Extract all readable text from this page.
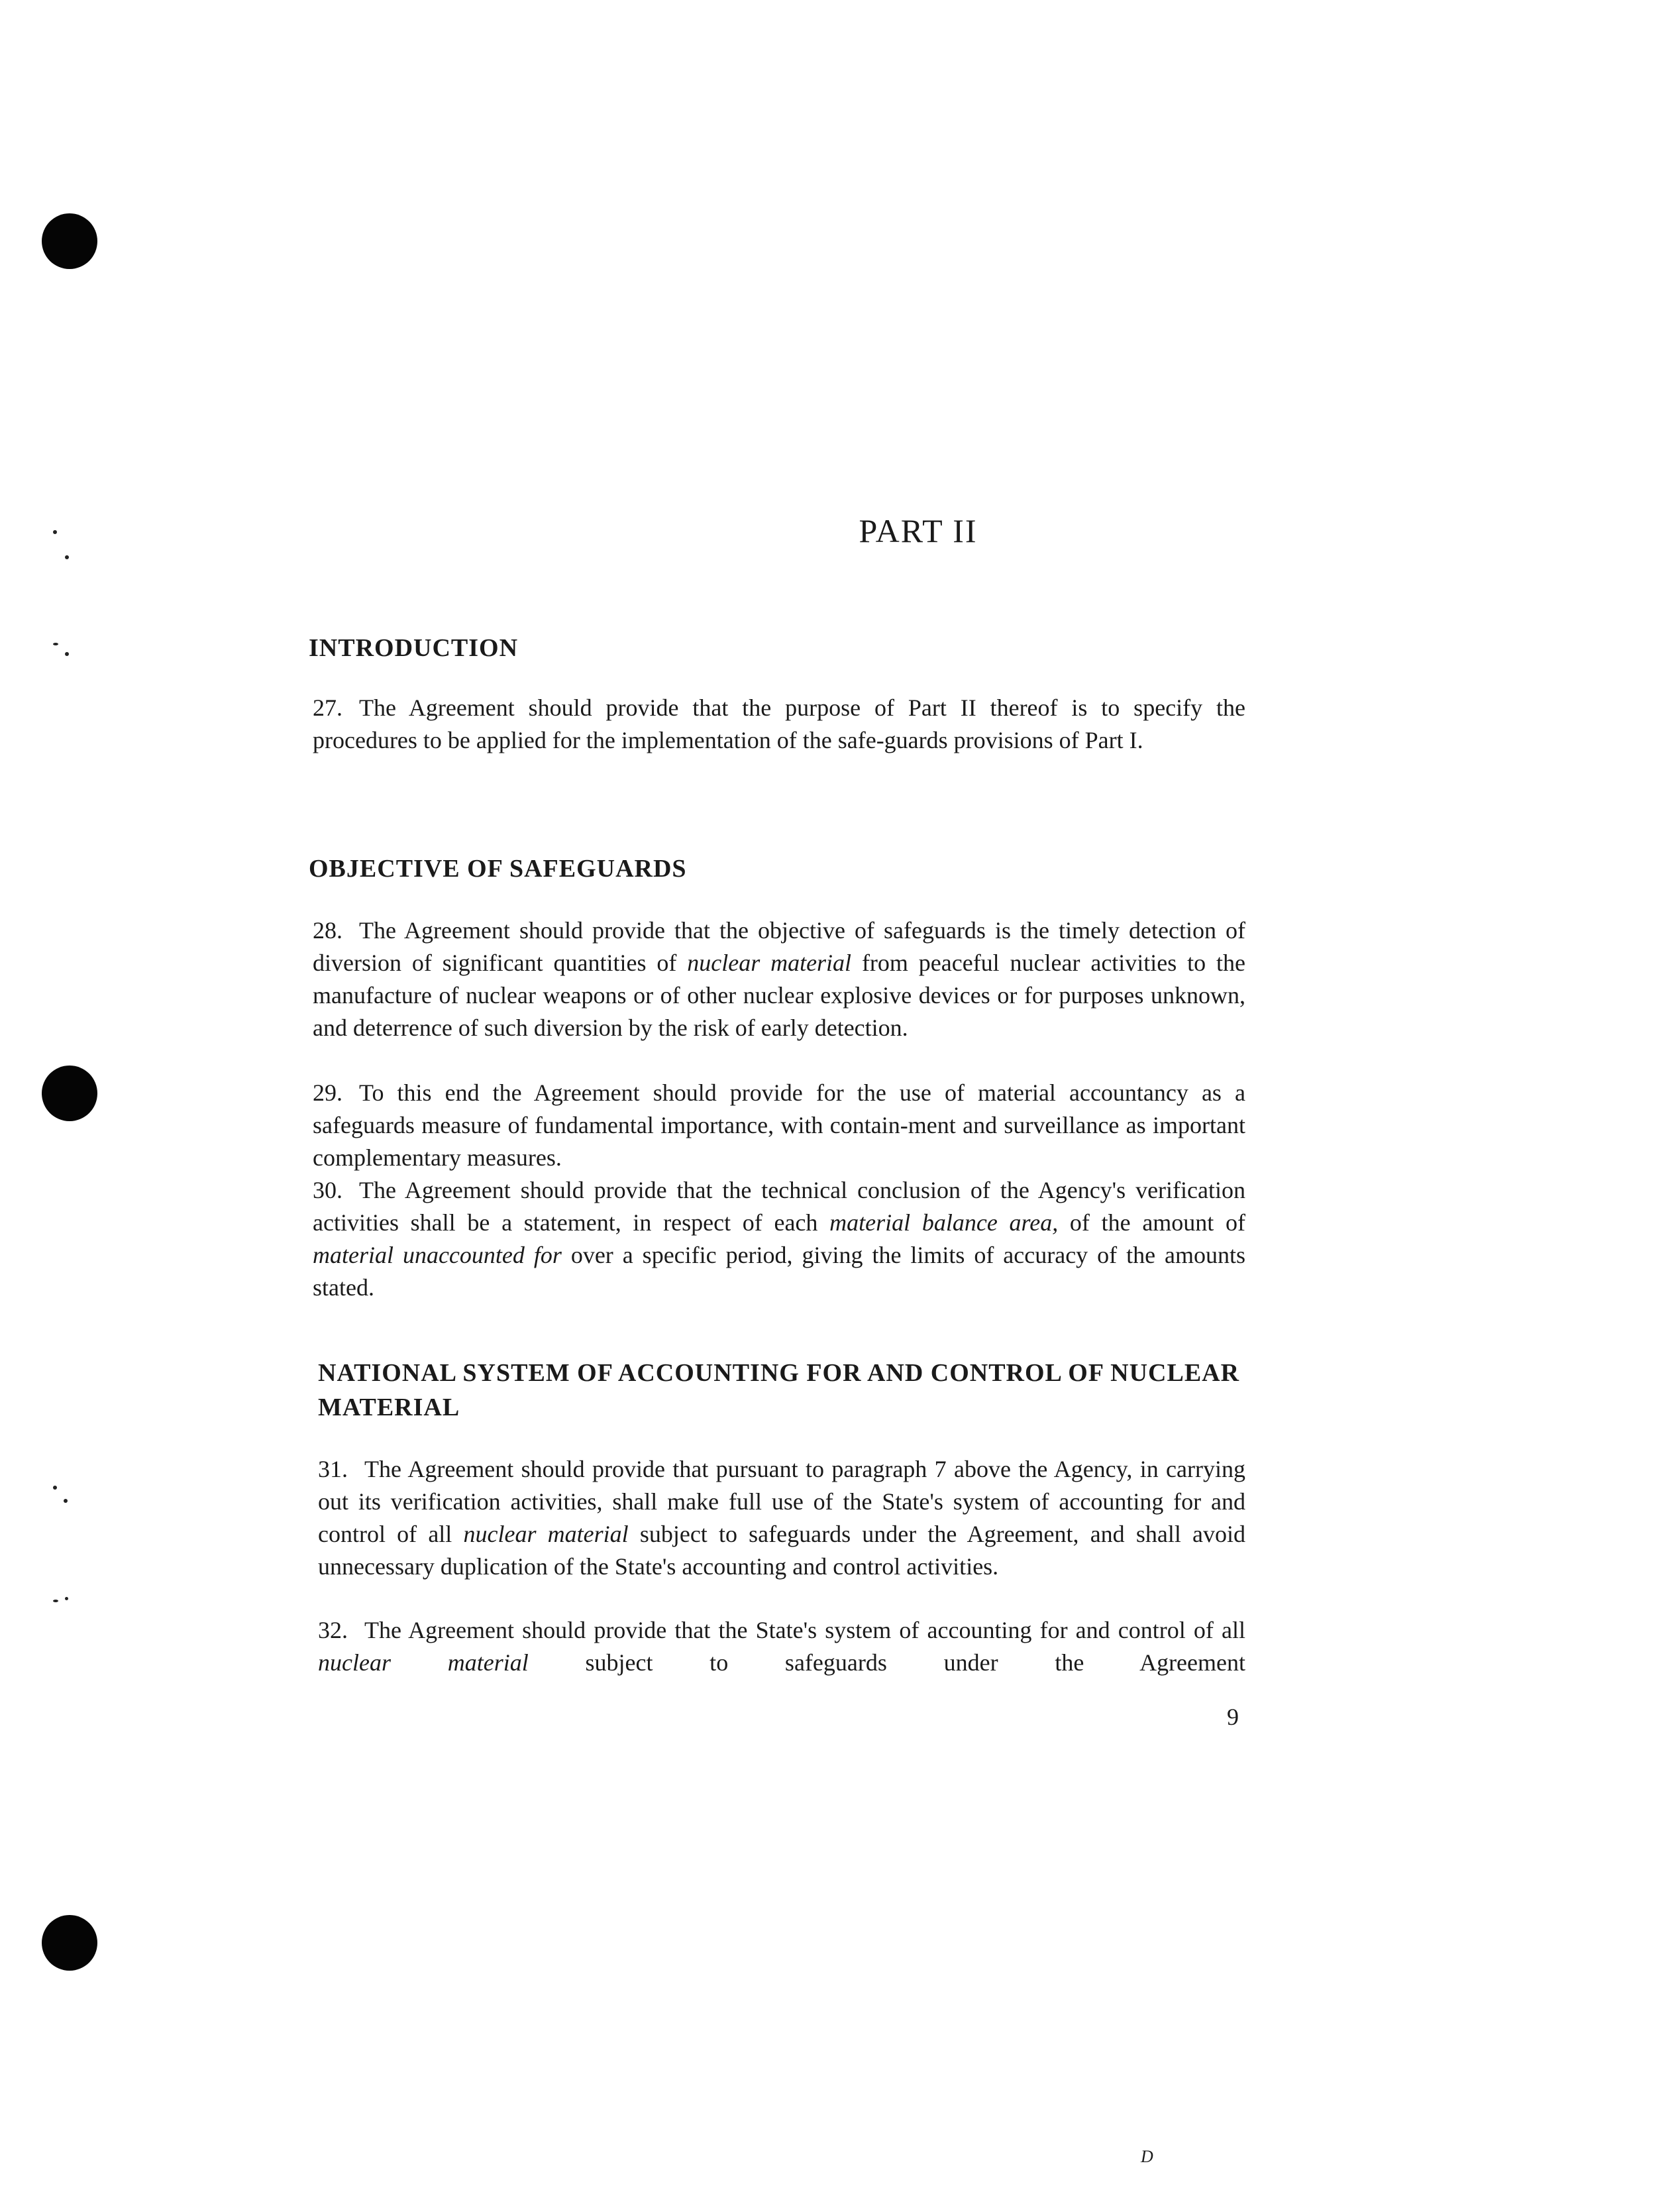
PART II
INTRODUCTION

27. The Agreement should provide that the purpose of Part II thereof is to specify the procedures to be applied for the implementation of the safe-guards provisions of Part I.

OBJECTIVE OF SAFEGUARDS

28. The Agreement should provide that the objective of safeguards is the timely detection of diversion of significant quantities of nuclear material from peaceful nuclear activities to the manufacture of nuclear weapons or of other nuclear explosive devices or for purposes unknown, and deterrence of such diversion by the risk of early detection.

29. To this end the Agreement should provide for the use of material accountancy as a safeguards measure of fundamental importance, with contain-ment and surveillance as important complementary measures.

30. The Agreement should provide that the technical conclusion of the Agency's verification activities shall be a statement, in respect of each material balance area, of the amount of material unaccounted for over a specific period, giving the limits of accuracy of the amounts stated.

NATIONAL SYSTEM OF ACCOUNTING FOR AND CONTROL OF NUCLEAR MATERIAL

31. The Agreement should provide that pursuant to paragraph 7 above the Agency, in carrying out its verification activities, shall make full use of the State's system of accounting for and control of all nuclear material subject to safeguards under the Agreement, and shall avoid unnecessary duplication of the State's accounting and control activities.

32. The Agreement should provide that the State's system of accounting for and control of all nuclear material subject to safeguards under the Agreement

9

D
